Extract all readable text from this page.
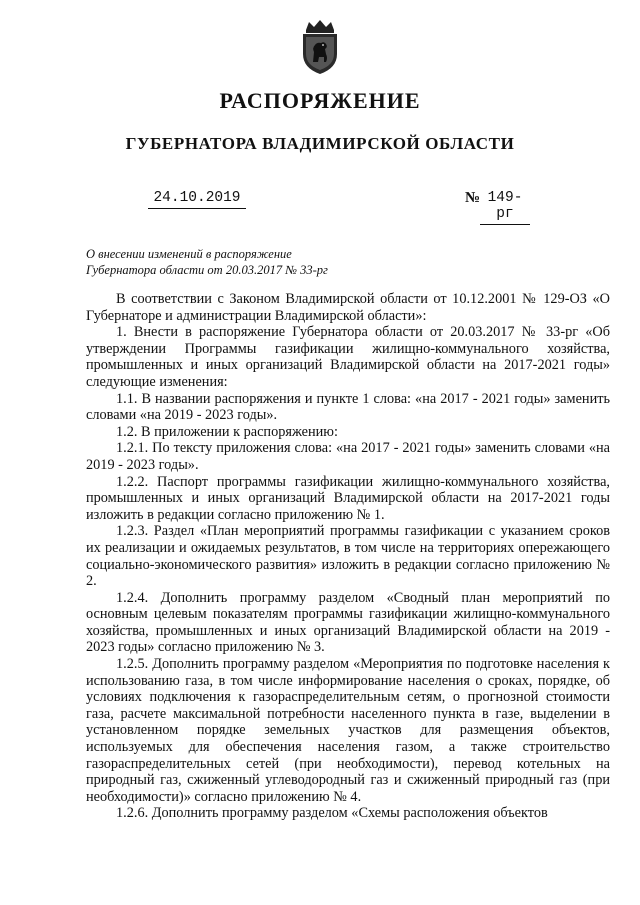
РАСПОРЯЖЕНИЕ
ГУБЕРНАТОРА ВЛАДИМИРСКОЙ ОБЛАСТИ
24.10.2019	№ 149-рг
О внесении изменений в распоряжение
Губернатора области от 20.03.2017 № 33-рг

В соответствии с Законом Владимирской области от 10.12.2001 № 129-ОЗ «О Губернаторе и администрации Владимирской области»:

1. Внести в распоряжение Губернатора области от 20.03.2017 № 33-рг «Об утверждении Программы газификации жилищно-коммунального хозяйства, промышленных и иных организаций Владимирской области на 2017-2021 годы» следующие изменения:

1.1. В названии распоряжения и пункте 1 слова: «на 2017 - 2021 годы» заменить словами «на 2019 - 2023 годы».

1.2. В приложении к распоряжению:

1.2.1. По тексту приложения слова: «на 2017 - 2021 годы» заменить словами «на 2019 - 2023 годы».

1.2.2. Паспорт программы газификации жилищно-коммунального хозяйства, промышленных и иных организаций Владимирской области на 2017-2021 годы изложить в редакции согласно приложению № 1.

1.2.3. Раздел «План мероприятий программы газификации с указанием сроков их реализации и ожидаемых результатов, в том числе на территориях опережающего социально-экономического развития» изложить в редакции согласно приложению № 2.

1.2.4. Дополнить программу разделом «Сводный план мероприятий по основным целевым показателям программы газификации жилищно-коммунального хозяйства, промышленных и иных организаций Владимирской области на 2019 - 2023 годы» согласно приложению № 3.

1.2.5. Дополнить программу разделом «Мероприятия по подготовке населения к использованию газа, в том числе информирование населения о сроках, порядке, об условиях подключения к газораспределительным сетям, о прогнозной стоимости газа, расчете максимальной потребности населенного пункта в газе, выделении в установленном порядке земельных участков для размещения объектов, используемых для обеспечения населения газом, а также строительство газораспределительных сетей (при необходимости), перевод котельных на природный газ, сжиженный углеводородный газ и сжиженный природный газ (при необходимости)» согласно приложению № 4.

1.2.6. Дополнить программу разделом «Схемы расположения объектов
